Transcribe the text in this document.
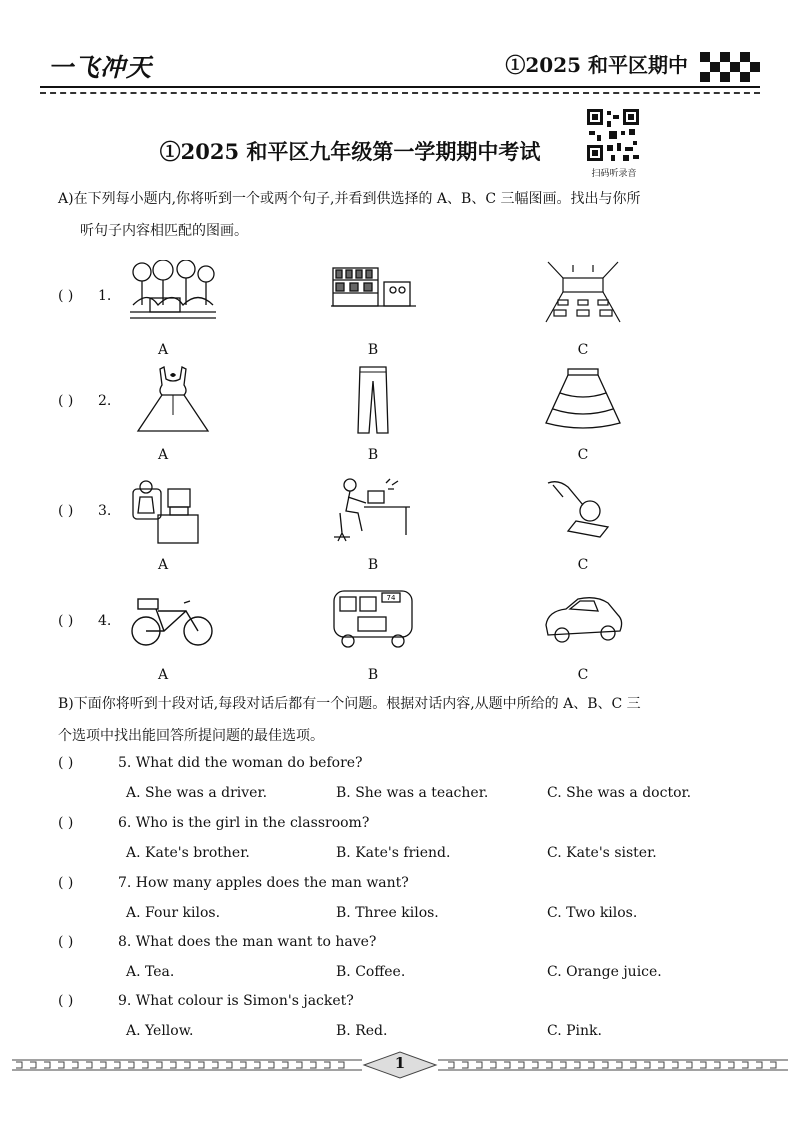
一飞冲天	①2025 和平区期中
①2025 和平区九年级第一学期期中考试
扫码听录音
A)在下列每小题内,你将听到一个或两个句子,并看到供选择的 A、B、C 三幅图画。找出与你所
听句子内容相匹配的图画。
( ) 1.
A	B	C
( ) 2.
A	B	C
( ) 3.
A	B	C
( ) 4.
A
74
B	C
B)下面你将听到十段对话,每段对话后都有一个问题。根据对话内容,从题中所给的 A、B、C 三
个选项中找出能回答所提问题的最佳选项。
( )	5. What did the woman do before?
A. She was a driver.	B. She was a teacher.	C. She was a doctor.
( )	6. Who is the girl in the classroom?
A. Kate's brother.	B. Kate's friend.	C. Kate's sister.
( )	7. How many apples does the man want?
A. Four kilos.	B. Three kilos.	C. Two kilos.
( )	8. What does the man want to have?
A. Tea.	B. Coffee.	C. Orange juice.
( )	9. What colour is Simon's jacket?
A. Yellow.	B. Red.	C. Pink.
1
